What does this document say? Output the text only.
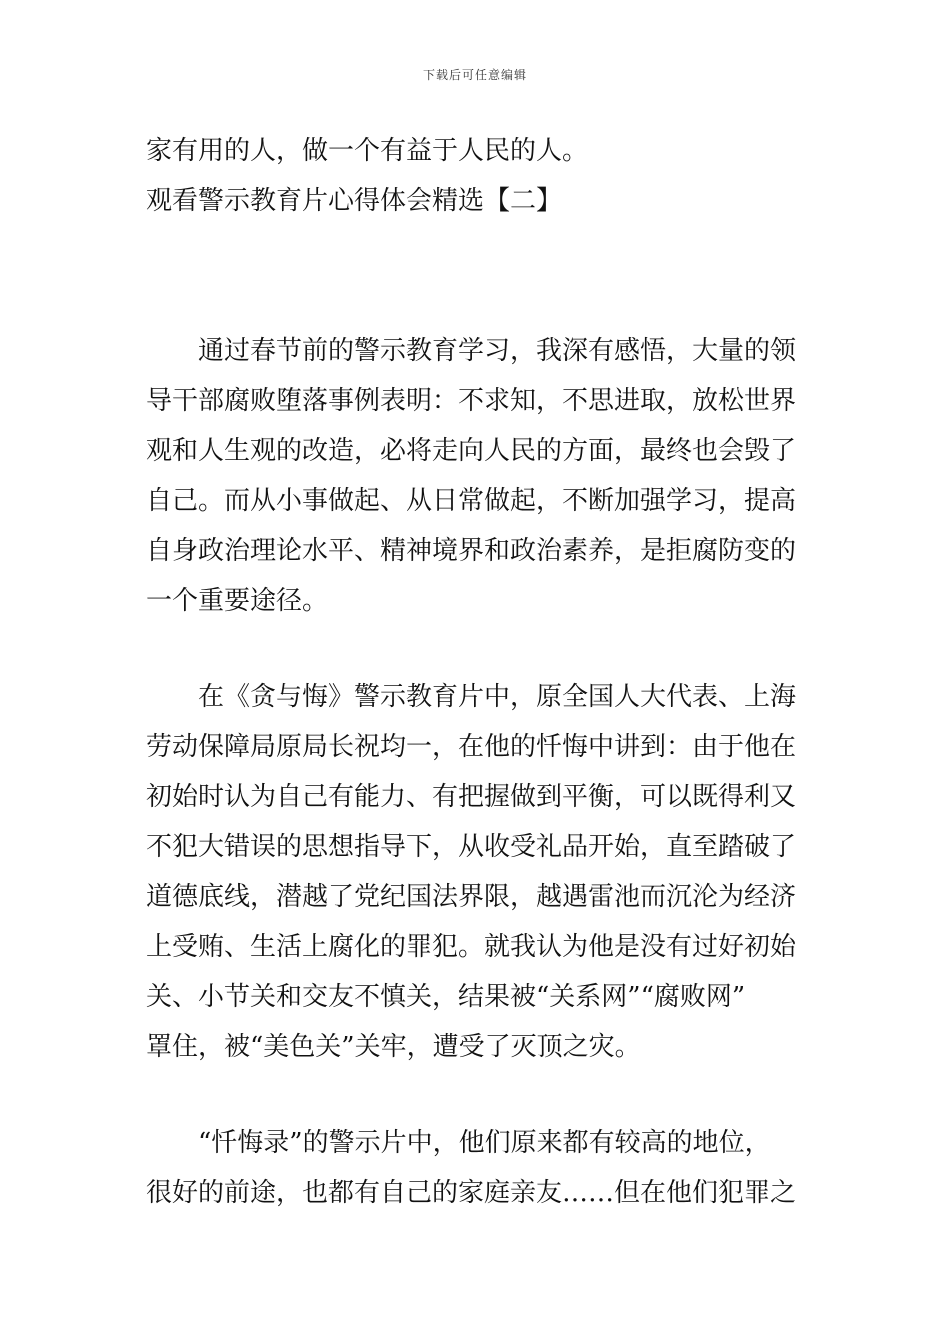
下载后可任意编辑
家有用的人，做一个有益于人民的人。
观看警示教育片心得体会精选【二】
　　通过春节前的警示教育学习，我深有感悟，大量的领
导干部腐败堕落事例表明：不求知，不思进取，放松世界
观和人生观的改造，必将走向人民的方面，最终也会毁了
自己。而从小事做起、从日常做起，不断加强学习，提高
自身政治理论水平、精神境界和政治素养，是拒腐防变的
一个重要途径。
　　在《贪与悔》警示教育片中，原全国人大代表、上海
劳动保障局原局长祝均一，在他的忏悔中讲到：由于他在
初始时认为自己有能力、有把握做到平衡，可以既得利又
不犯大错误的思想指导下，从收受礼品开始，直至踏破了
道德底线，潜越了党纪国法界限，越遇雷池而沉沦为经济
上受贿、生活上腐化的罪犯。就我认为他是没有过好初始
关、小节关和交友不慎关，结果被“关系网”“腐败网”
罩住，被“美色关”关牢，遭受了灭顶之灾。
　　“忏悔录”的警示片中，他们原来都有较高的地位，
很好的前途，也都有自己的家庭亲友……但在他们犯罪之
